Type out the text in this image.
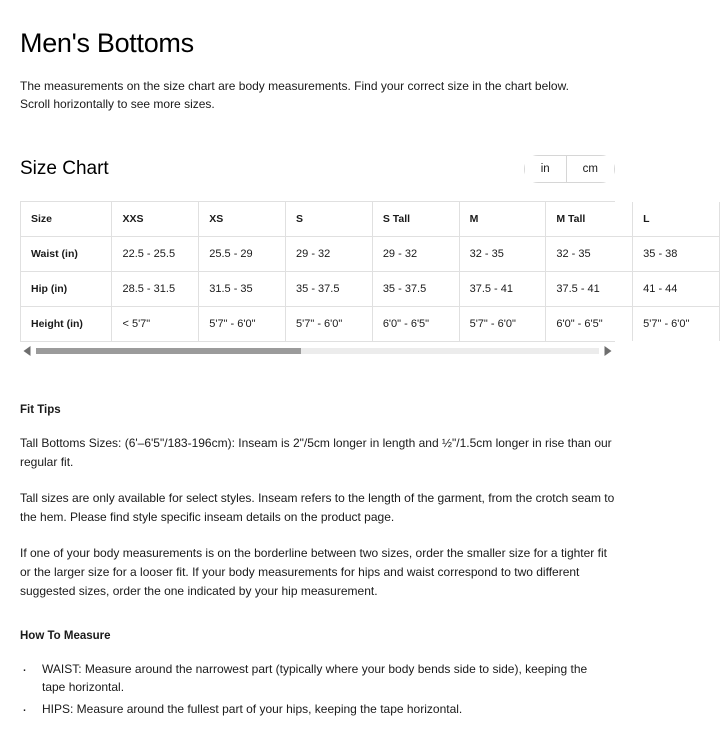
Men's Bottoms

The measurements on the size chart are body measurements. Find your correct size in the chart below. Scroll horizontally to see more sizes.

Size Chart	in	cm
Size	XXS	XS	S	S Tall	M	M Tall	L
Waist (in)	22.5 - 25.5	25.5 - 29	29 - 32	29 - 32	32 - 35	32 - 35	35 - 38
Hip (in)	28.5 - 31.5	31.5 - 35	35 - 37.5	35 - 37.5	37.5 - 41	37.5 - 41	41 - 44
Height (in)	< 5'7"	5'7" - 6'0"	5'7" - 6'0"	6'0" - 6'5"	5'7" - 6'0"	6'0" - 6'5"	5'7" - 6'0"
Fit Tips

Tall Bottoms Sizes: (6'–6'5"/183-196cm): Inseam is 2"/5cm longer in length and ½"/1.5cm longer in rise than our regular fit.

Tall sizes are only available for select styles. Inseam refers to the length of the garment, from the crotch seam to the hem. Please find style specific inseam details on the product page.

If one of your body measurements is on the borderline between two sizes, order the smaller size for a tighter fit or the larger size for a looser fit. If your body measurements for hips and waist correspond to two different suggested sizes, order the one indicated by your hip measurement.

How To Measure
· WAIST: Measure around the narrowest part (typically where your body bends side to side), keeping the tape horizontal.
· HIPS: Measure around the fullest part of your hips, keeping the tape horizontal.
